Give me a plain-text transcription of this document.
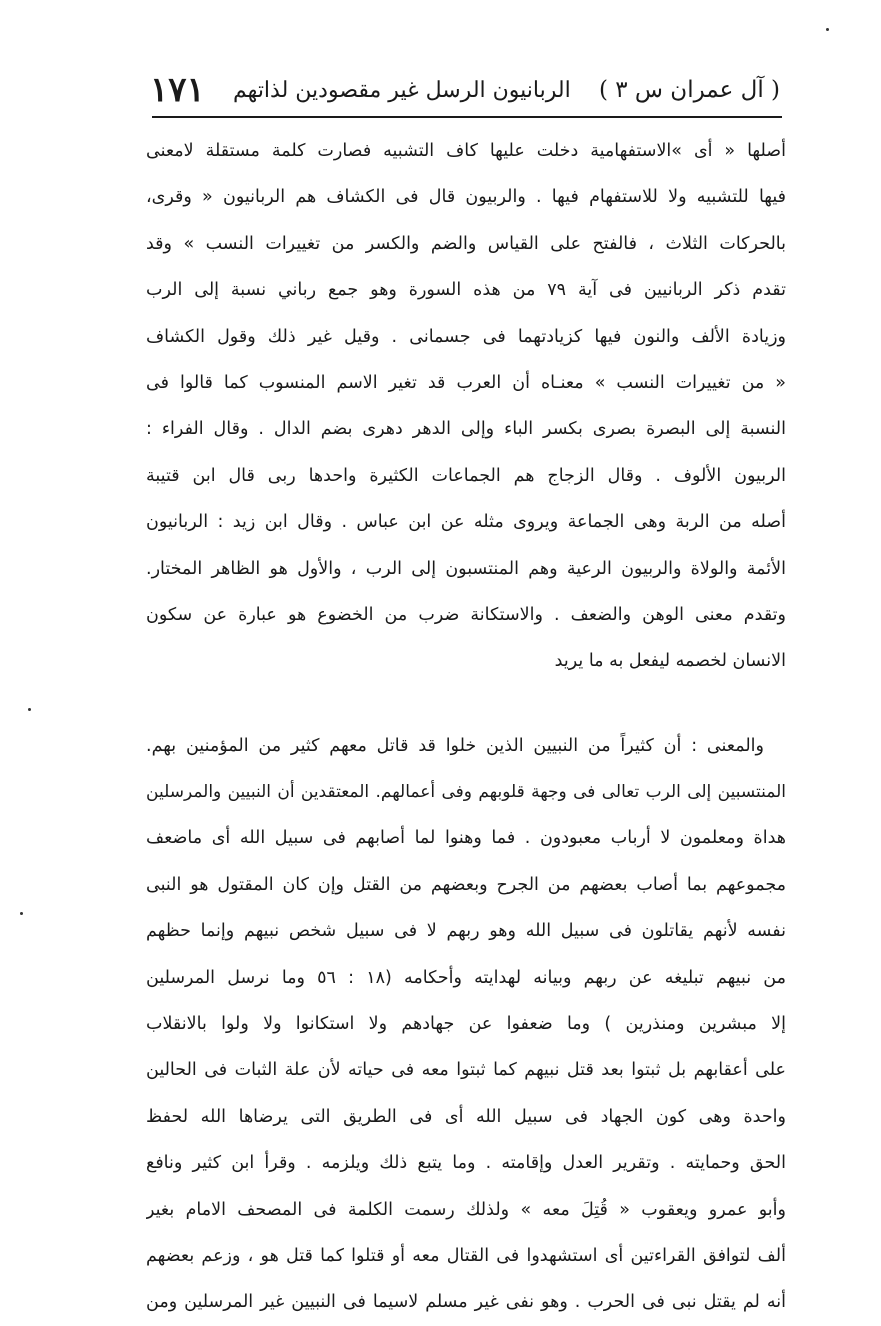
( آل عمران س ٣ )
الربانيون الرسل غير مقصودين لذاتهم
١٧١
أصلها « أى »الاستفهامية دخلت عليها كاف التشبيه فصارت كلمة مستقلة لامعنى
فيها للتشبيه ولا للاستفهام فيها . والربيون قال فى الكشاف هم الربانيون « وقرى،
بالحركات الثلاث ، فالفتح على القياس والضم والكسر من تغييرات النسب » وقد
تقدم ذكر الربانيين فى آية ٧٩ من هذه السورة وهو جمع رباني نسبة إلى الرب
وزيادة الألف والنون فيها كزيادتهما فى جسمانى . وقيل غير ذلك وقول الكشاف
« من تغييرات النسب » معنـاه أن العرب قد تغير الاسم المنسوب كما قالوا فى
النسبة إلى البصرة بصرى بكسر الباء وإلى الدهر دهرى بضم الدال . وقال الفراء :
الربيون الألوف . وقال الزجاج هم الجماعات الكثيرة واحدها ربى قال ابن قتيبة
أصله من الربة وهى الجماعة ويروى مثله عن ابن عباس . وقال ابن زيد : الربانيون
الأئمة والولاة والربيون الرعية وهم المنتسبون إلى الرب ، والأول هو الظاهر المختار.
وتقدم معنى الوهن والضعف . والاستكانة ضرب من الخضوع هو عبارة عن سكون
الانسان لخصمه ليفعل به ما يريد
والمعنى : أن كثيراً من النبيين الذين خلوا قد قاتل معهم كثير من المؤمنين بهم.
المنتسبين إلى الرب تعالى فى وجهة قلوبهم وفى أعمالهم. المعتقدين أن النبيين والمرسلين
هداة ومعلمون لا أرباب معبودون . فما وهنوا لما أصابهم فى سبيل الله أى ماضعف
مجموعهم بما أصاب بعضهم من الجرح وبعضهم من القتل وإن كان المقتول هو النبى
نفسه لأنهم يقاتلون فى سبيل الله وهو ربهم لا فى سبيل شخص نبيهم وإنما حظهم
من نبيهم تبليغه عن ربهم وبيانه لهدايته وأحكامه (١٨ : ٥٦ وما نرسل المرسلين
إلا مبشرين ومنذرين ) وما ضعفوا عن جهادهم ولا استكانوا ولا ولوا بالانقلاب
على أعقابهم بل ثبتوا بعد قتل نبيهم كما ثبتوا معه فى حياته لأن علة الثبات فى الحالين
واحدة وهى كون الجهاد فى سبيل الله أى فى الطريق التى يرضاها الله لحفظ
الحق وحمايته . وتقرير العدل وإقامته . وما يتبع ذلك ويلزمه . وقرأ ابن كثير ونافع
وأبو عمرو ويعقوب « قُتِلَ معه » ولذلك رسمت الكلمة فى المصحف الامام بغير
ألف لتوافق القراءتين أى استشهدوا فى القتال معه أو قتلوا كما قتل هو ، وزعم بعضهم
أنه لم يقتل نبى فى الحرب . وهو نفى غير مسلم لاسيما فى النبيين غير المرسلين ومن
